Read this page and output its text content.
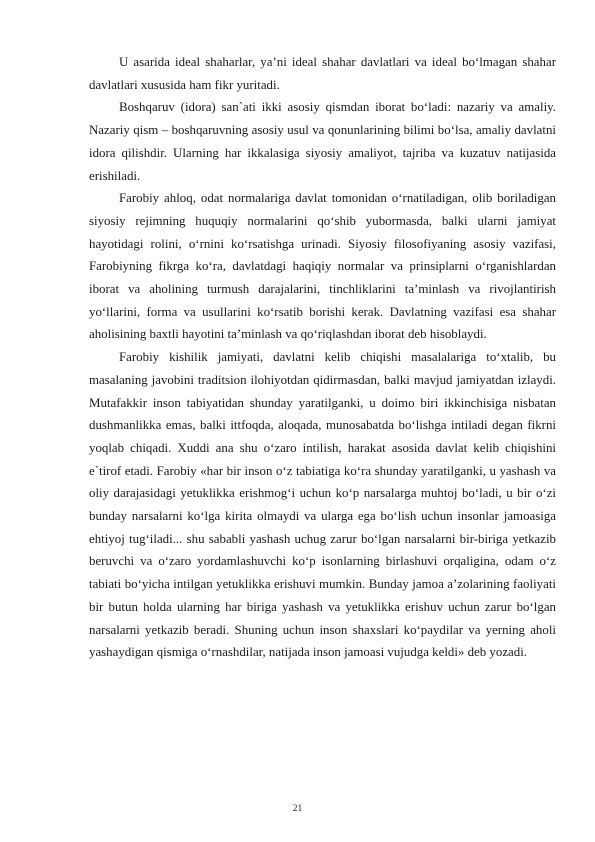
U asarida ideal shaharlar, ya’ni ideal shahar davlatlari va ideal bo‘lmagan shahar davlatlari xususida ham fikr yuritadi.

Boshqaruv (idora) san`ati ikki asosiy qismdan iborat bo‘ladi: nazariy va amaliy. Nazariy qism – boshqaruvning asosiy usul va qonunlarining bilimi bo‘lsa, amaliy davlatni idora qilishdir. Ularning har ikkalasiga siyosiy amaliyot, tajriba va kuzatuv natijasida erishiladi.

Farobiy ahloq, odat normalariga davlat tomonidan o‘rnatiladigan, olib boriladigan siyosiy rejimning huquqiy normalarini qo‘shib yubormasda, balki ularni jamiyat hayotidagi rolini, o‘rnini ko‘rsatishga urinadi. Siyosiy filosofiyaning asosiy vazifasi, Farobiyning fikrga ko‘ra, davlatdagi haqiqiy normalar va prinsiplarni o‘rganishlardan iborat va aholining turmush darajalarini, tinchliklarini ta’minlash va rivojlantirish yo‘llarini, forma va usullarini ko‘rsatib borishi kerak. Davlatning vazifasi esa shahar aholisining baxtli hayotini ta’minlash va qo‘riqlashdan iborat deb hisoblaydi.

Farobiy kishilik jamiyati, davlatni kelib chiqishi masalalariga to‘xtalib, bu masalaning javobini traditsion ilohiyotdan qidirmasdan, balki mavjud jamiyatdan izlaydi. Mutafakkir inson tabiyatidan shunday yaratilganki, u doimo biri ikkinchisiga nisbatan dushmanlikka emas, balki ittfoqda, aloqada, munosabatda bo‘lishga intiladi degan fikrni yoqlab chiqadi. Xuddi ana shu o‘zaro intilish, harakat asosida davlat kelib chiqishini e`tirof etadi. Farobiy «har bir inson o‘z tabiatiga ko‘ra shunday yaratilganki, u yashash va oliy darajasidagi yetuklikka erishmog‘i uchun ko‘p narsalarga muhtoj bo‘ladi, u bir o‘zi bunday narsalarni ko‘lga kirita olmaydi va ularga ega bo‘lish uchun insonlar jamoasiga ehtiyoj tug‘iladi... shu sababli yashash uchug zarur bo‘lgan narsalarni bir-biriga yetkazib beruvchi va o‘zaro yordamlashuvchi ko‘p isonlarning birlashuvi orqaligina, odam o‘z tabiati bo‘yicha intilgan yetuklikka erishuvi mumkin. Bunday jamoa a’zolarining faoliyati bir butun holda ularning har biriga yashash va yetuklikka erishuv uchun zarur bo‘lgan narsalarni yetkazib beradi. Shuning uchun inson shaxslari ko‘paydilar va yerning aholi yashaydigan qismiga o‘rnashdilar, natijada inson jamoasi vujudga keldi» deb yozadi.

21
